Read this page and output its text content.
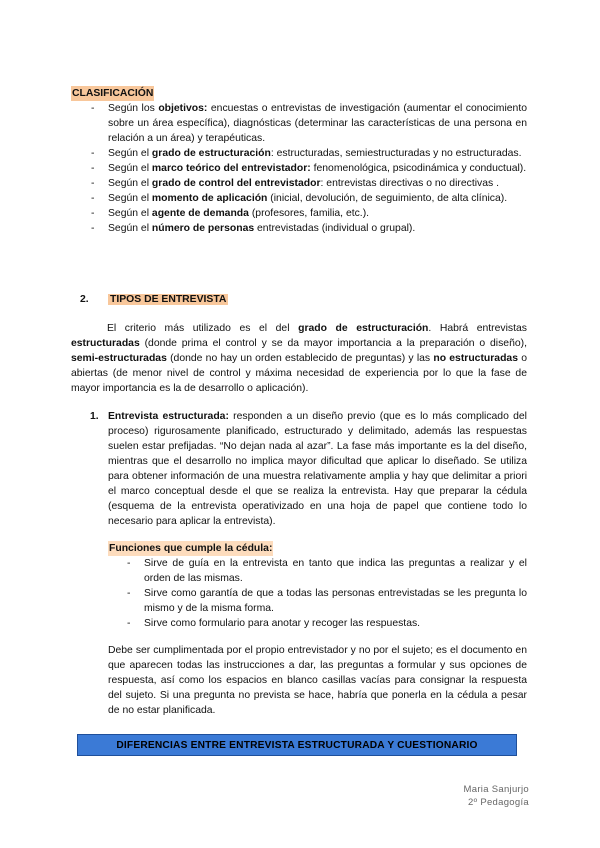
CLASIFICACIÓN
- Según los objetivos: encuestas o entrevistas de investigación (aumentar el conocimiento sobre un área específica), diagnósticas (determinar las características de una persona en relación a un área) y terapéuticas.
- Según el grado de estructuración: estructuradas, semiestructuradas y no estructuradas.
- Según el marco teórico del entrevistador: fenomenológica, psicodinámica y conductual).
- Según el grado de control del entrevistador: entrevistas directivas o no directivas .
- Según el momento de aplicación (inicial, devolución, de seguimiento, de alta clínica).
- Según el agente de demanda (profesores, familia, etc.).
- Según el número de personas entrevistadas (individual o grupal).
2. TIPOS DE ENTREVISTA

El criterio más utilizado es el del grado de estructuración. Habrá entrevistas estructuradas (donde prima el control y se da mayor importancia a la preparación o diseño), semi-estructuradas (donde no hay un orden establecido de preguntas) y las no estructuradas o abiertas (de menor nivel de control y máxima necesidad de experiencia por lo que la fase de mayor importancia es la de desarrollo o aplicación).

1. Entrevista estructurada: responden a un diseño previo (que es lo más complicado del proceso) rigurosamente planificado, estructurado y delimitado, además las respuestas suelen estar prefijadas. “No dejan nada al azar”. La fase más importante es la del diseño, mientras que el desarrollo no implica mayor dificultad que aplicar lo diseñado. Se utiliza para obtener información de una muestra relativamente amplia y hay que delimitar a priori el marco conceptual desde el que se realiza la entrevista. Hay que preparar la cédula (esquema de la entrevista operativizado en una hoja de papel que contiene todo lo necesario para aplicar la entrevista).
Funciones que cumple la cédula:
- Sirve de guía en la entrevista en tanto que indica las preguntas a realizar y el orden de las mismas.
- Sirve como garantía de que a todas las personas entrevistadas se les pregunta lo mismo y de la misma forma.
- Sirve como formulario para anotar y recoger las respuestas.

Debe ser cumplimentada por el propio entrevistador y no por el sujeto; es el documento en que aparecen todas las instrucciones a dar, las preguntas a formular y sus opciones de respuesta, así como los espacios en blanco casillas vacías para consignar la respuesta del sujeto. Si una pregunta no prevista se hace, habría que ponerla en la cédula a pesar de no estar planificada.

DIFERENCIAS ENTRE ENTREVISTA ESTRUCTURADA Y CUESTIONARIO
Maria Sanjurjo
2º Pedagogía
